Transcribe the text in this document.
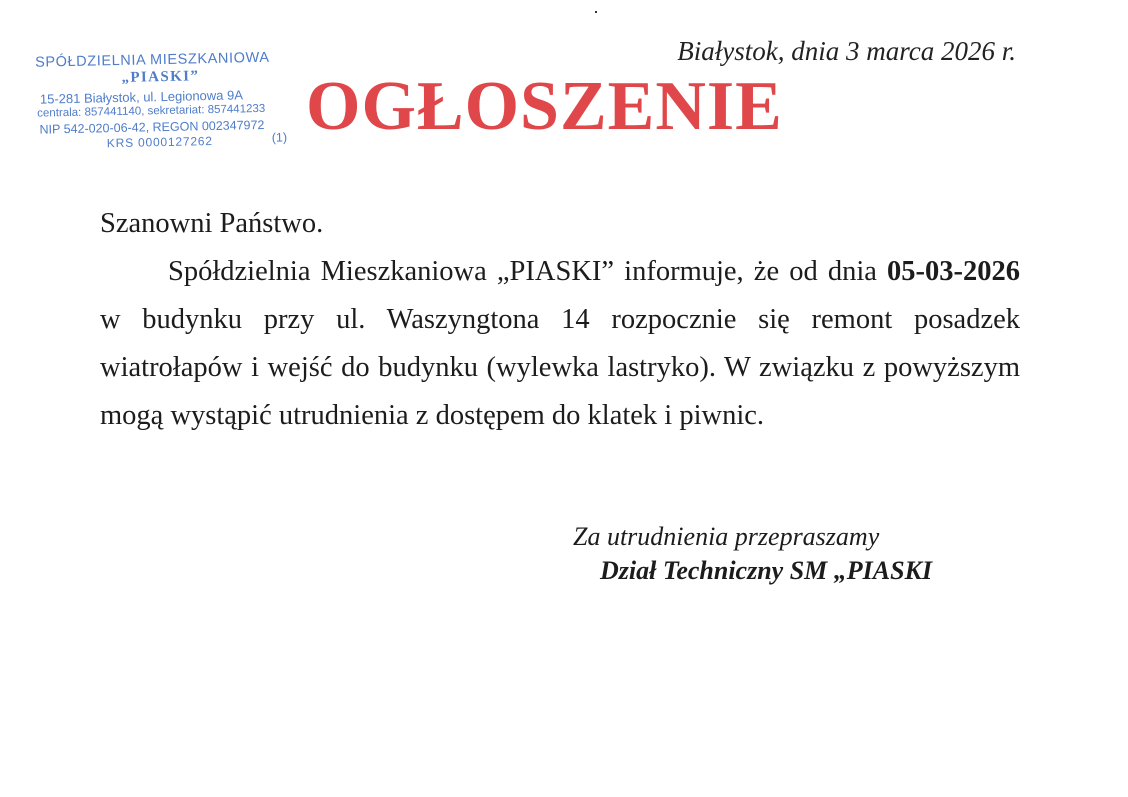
Białystok, dnia 3 marca 2026 r.
SPÓŁDZIELNIA MIESZKANIOWA
„PIASKI”
15-281 Białystok, ul. Legionowa 9A
centrala: 857441140, sekretariat: 857441233
NIP 542-020-06-42, REGON 002347972
KRS 0000127262	(1) OGŁOSZENIE

Szanowni Państwo.

Spółdzielnia Mieszkaniowa „PIASKI” informuje, że od dnia 05-03-2026 w budynku przy ul. Waszyngtona 14 rozpocznie się remont posadzek wiatrołapów i wejść do budynku (wylewka lastryko). W związku z powyższym mogą wystąpić utrudnienia z dostępem do klatek i piwnic.

Za utrudnienia przepraszamy
Dział Techniczny SM „PIASKI
